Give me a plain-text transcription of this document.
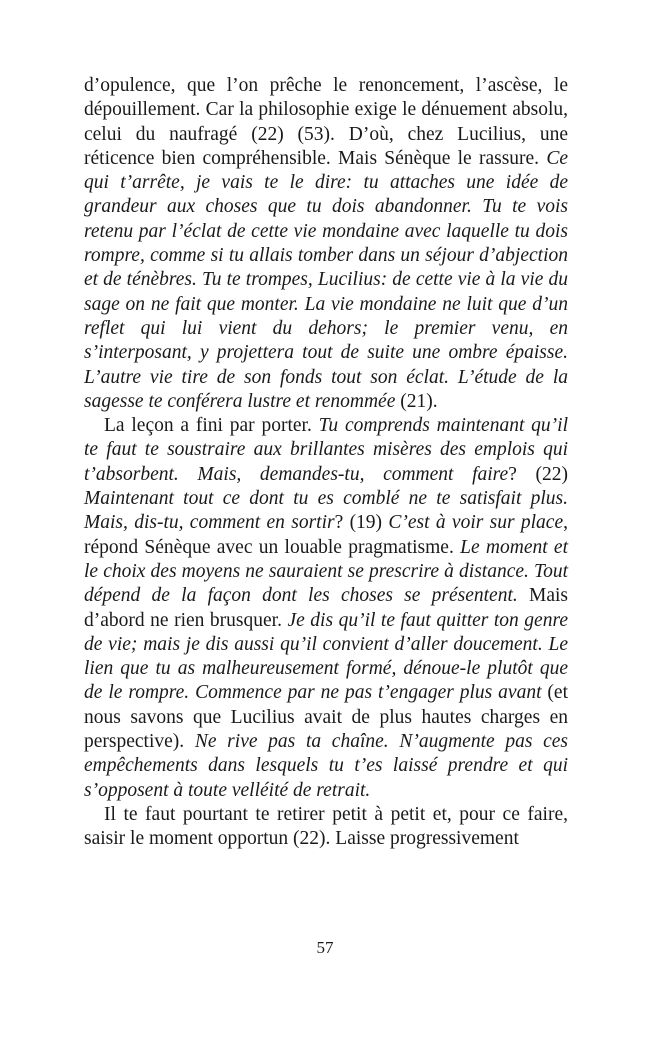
d’opulence, que l’on prêche le renoncement, l’ascèse, le dépouillement. Car la philosophie exige le dénuement absolu, celui du naufragé (22) (53). D’où, chez Lucilius, une réticence bien compréhensible. Mais Sénèque le rassure. Ce qui t’arrête, je vais te le dire: tu attaches une idée de grandeur aux choses que tu dois abandonner. Tu te vois retenu par l’éclat de cette vie mondaine avec laquelle tu dois rompre, comme si tu allais tomber dans un séjour d’abjection et de ténèbres. Tu te trompes, Lucilius: de cette vie à la vie du sage on ne fait que monter. La vie mondaine ne luit que d’un reflet qui lui vient du dehors; le premier venu, en s’interposant, y projettera tout de suite une ombre épaisse. L’autre vie tire de son fonds tout son éclat. L’étude de la sagesse te conférera lustre et renommée (21).

La leçon a fini par porter. Tu comprends maintenant qu’il te faut te soustraire aux brillantes misères des emplois qui t’absorbent. Mais, demandes-tu, comment faire? (22) Maintenant tout ce dont tu es comblé ne te satisfait plus. Mais, dis-tu, comment en sortir? (19) C’est à voir sur place, répond Sénèque avec un louable pragmatisme. Le moment et le choix des moyens ne sauraient se prescrire à distance. Tout dépend de la façon dont les choses se présentent. Mais d’abord ne rien brusquer. Je dis qu’il te faut quitter ton genre de vie; mais je dis aussi qu’il convient d’aller doucement. Le lien que tu as malheureusement formé, dénoue-le plutôt que de le rompre. Commence par ne pas t’engager plus avant (et nous savons que Lucilius avait de plus hautes charges en perspective). Ne rive pas ta chaîne. N’augmente pas ces empêchements dans lesquels tu t’es laissé prendre et qui s’opposent à toute velléité de retrait.

Il te faut pourtant te retirer petit à petit et, pour ce faire, saisir le moment opportun (22). Laisse progressivement

57
